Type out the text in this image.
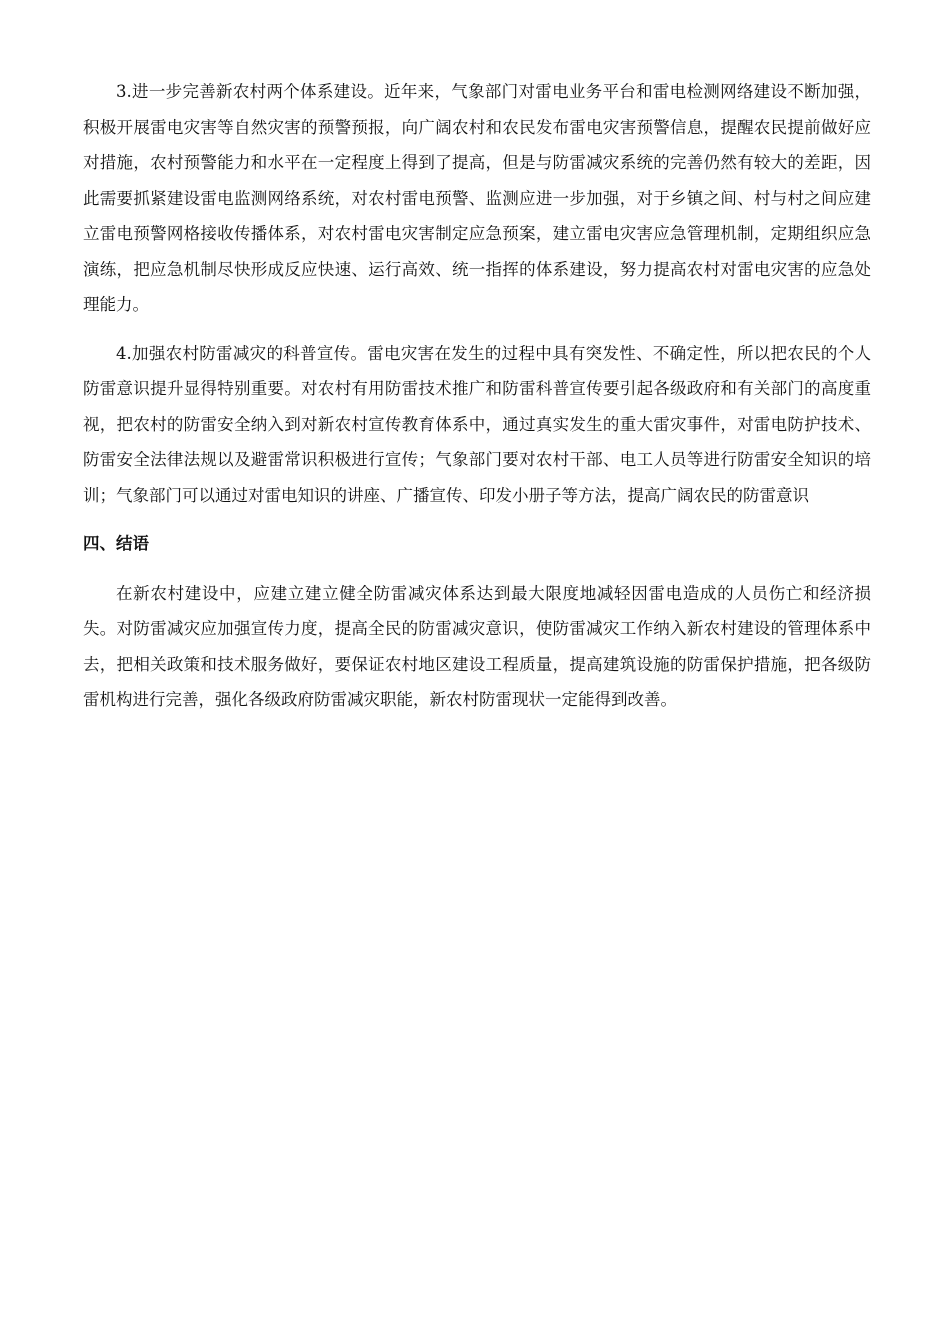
3.进一步完善新农村两个体系建设。近年来，气象部门对雷电业务平台和雷电检测网络建设不断加强，积极开展雷电灾害等自然灾害的预警预报，向广阔农村和农民发布雷电灾害预警信息，提醒农民提前做好应对措施，农村预警能力和水平在一定程度上得到了提高，但是与防雷减灾系统的完善仍然有较大的差距，因此需要抓紧建设雷电监测网络系统，对农村雷电预警、监测应进一步加强，对于乡镇之间、村与村之间应建立雷电预警网格接收传播体系，对农村雷电灾害制定应急预案，建立雷电灾害应急管理机制，定期组织应急演练，把应急机制尽快形成反应快速、运行高效、统一指挥的体系建设，努力提高农村对雷电灾害的应急处理能力。

4.加强农村防雷减灾的科普宣传。雷电灾害在发生的过程中具有突发性、不确定性，所以把农民的个人防雷意识提升显得特别重要。对农村有用防雷技术推广和防雷科普宣传要引起各级政府和有关部门的高度重视，把农村的防雷安全纳入到对新农村宣传教育体系中，通过真实发生的重大雷灾事件，对雷电防护技术、防雷安全法律法规以及避雷常识积极进行宣传；气象部门要对农村干部、电工人员等进行防雷安全知识的培训；气象部门可以通过对雷电知识的讲座、广播宣传、印发小册子等方法，提高广阔农民的防雷意识

四、结语

在新农村建设中，应建立建立健全防雷减灾体系达到最大限度地减轻因雷电造成的人员伤亡和经济损失。对防雷减灾应加强宣传力度，提高全民的防雷减灾意识，使防雷减灾工作纳入新农村建设的管理体系中去，把相关政策和技术服务做好，要保证农村地区建设工程质量，提高建筑设施的防雷保护措施，把各级防雷机构进行完善，强化各级政府防雷减灾职能，新农村防雷现状一定能得到改善。
